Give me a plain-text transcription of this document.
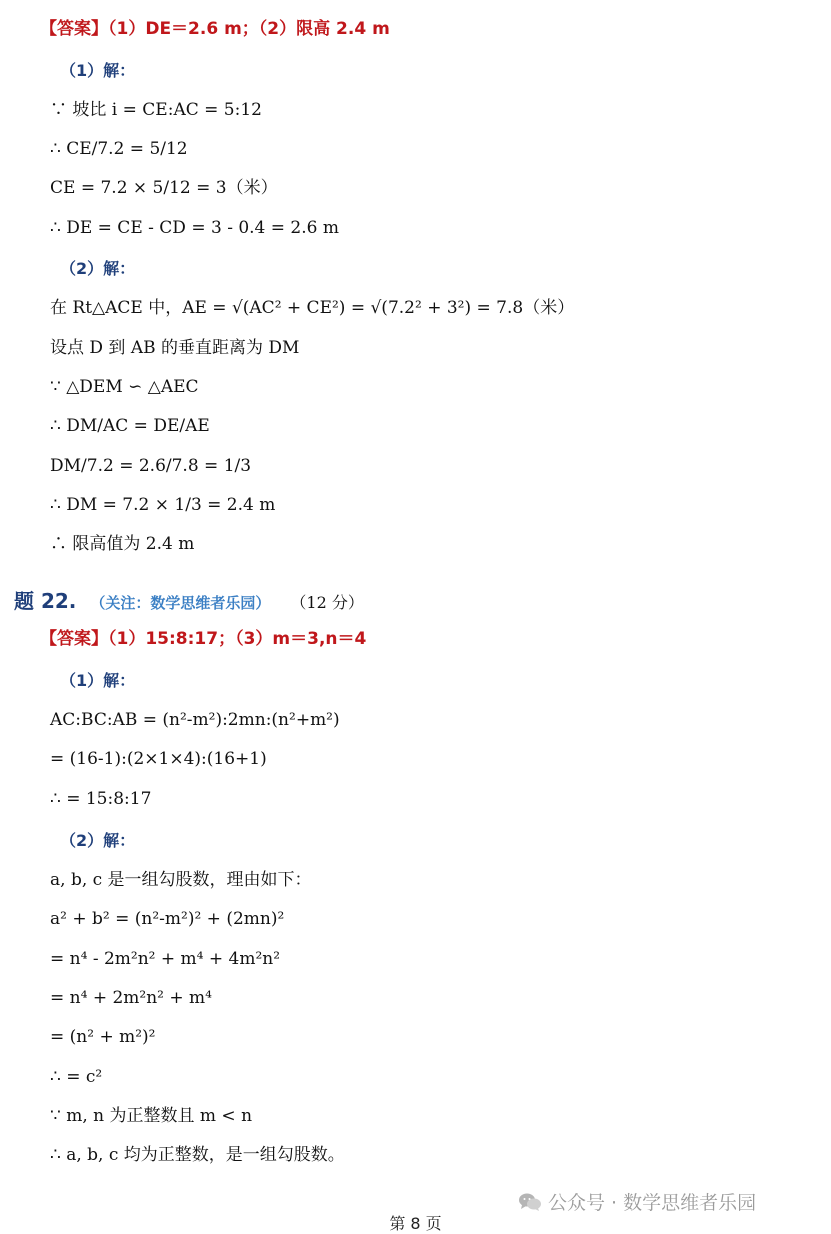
【答案】（1）DE＝2.6 m；（2）限高 2.4 m
（1）解：
∵ 坡比 i = CE:AC = 5:12
∴ CE/7.2 = 5/12
CE = 7.2 × 5/12 = 3（米）
∴ DE = CE - CD = 3 - 0.4 = 2.6 m
（2）解：
在 Rt△ACE 中，AE = √(AC² + CE²) = √(7.2² + 3²) = 7.8（米）
设点 D 到 AB 的垂直距离为 DM
∵ △DEM ∽ △AEC
∴ DM/AC = DE/AE
DM/7.2 = 2.6/7.8 = 1/3
∴ DM = 7.2 × 1/3 = 2.4 m
∴ 限高值为 2.4 m
题 22. （关注：数学思维者乐园） （12 分）
【答案】（1）15:8:17；（3）m＝3,n＝4
（1）解：
AC:BC:AB = (n²-m²):2mn:(n²+m²)
= (16-1):(2×1×4):(16+1)
∴ = 15:8:17
（2）解：
a, b, c 是一组勾股数，理由如下：
a² + b² = (n²-m²)² + (2mn)²
= n⁴ - 2m²n² + m⁴ + 4m²n²
= n⁴ + 2m²n² + m⁴
= (n² + m²)²
∴ = c²
∵ m, n 为正整数且 m < n
∴ a, b, c 均为正整数，是一组勾股数。
公众号 · 数学思维者乐园
第 8 页
